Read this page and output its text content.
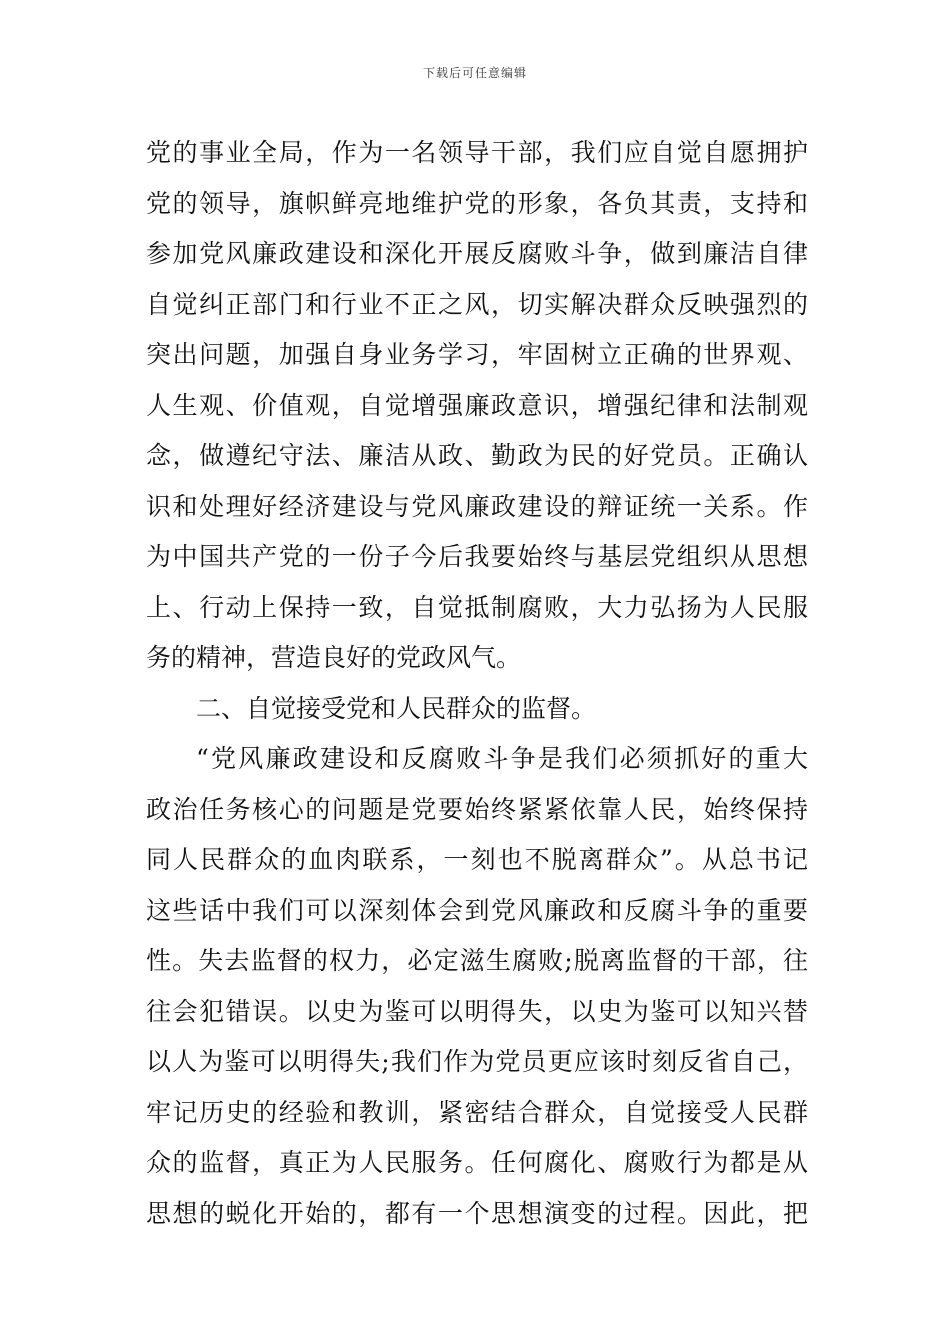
下载后可任意编辑
党的事业全局，作为一名领导干部，我们应自觉自愿拥护
党的领导，旗帜鲜亮地维护党的形象，各负其责，支持和
参加党风廉政建设和深化开展反腐败斗争，做到廉洁自律
自觉纠正部门和行业不正之风，切实解决群众反映强烈的
突出问题，加强自身业务学习，牢固树立正确的世界观、
人生观、价值观，自觉增强廉政意识，增强纪律和法制观
念，做遵纪守法、廉洁从政、勤政为民的好党员。正确认
识和处理好经济建设与党风廉政建设的辩证统一关系。作
为中国共产党的一份子今后我要始终与基层党组织从思想
上、行动上保持一致，自觉抵制腐败，大力弘扬为人民服
务的精神，营造良好的党政风气。
二、自觉接受党和人民群众的监督。
“党风廉政建设和反腐败斗争是我们必须抓好的重大
政治任务核心的问题是党要始终紧紧依靠人民，始终保持
同人民群众的血肉联系，一刻也不脱离群众”。从总书记
这些话中我们可以深刻体会到党风廉政和反腐斗争的重要
性。失去监督的权力，必定滋生腐败;脱离监督的干部，往
往会犯错误。以史为鉴可以明得失，以史为鉴可以知兴替
以人为鉴可以明得失;我们作为党员更应该时刻反省自己，
牢记历史的经验和教训，紧密结合群众，自觉接受人民群
众的监督，真正为人民服务。任何腐化、腐败行为都是从
思想的蜕化开始的，都有一个思想演变的过程。因此，把
